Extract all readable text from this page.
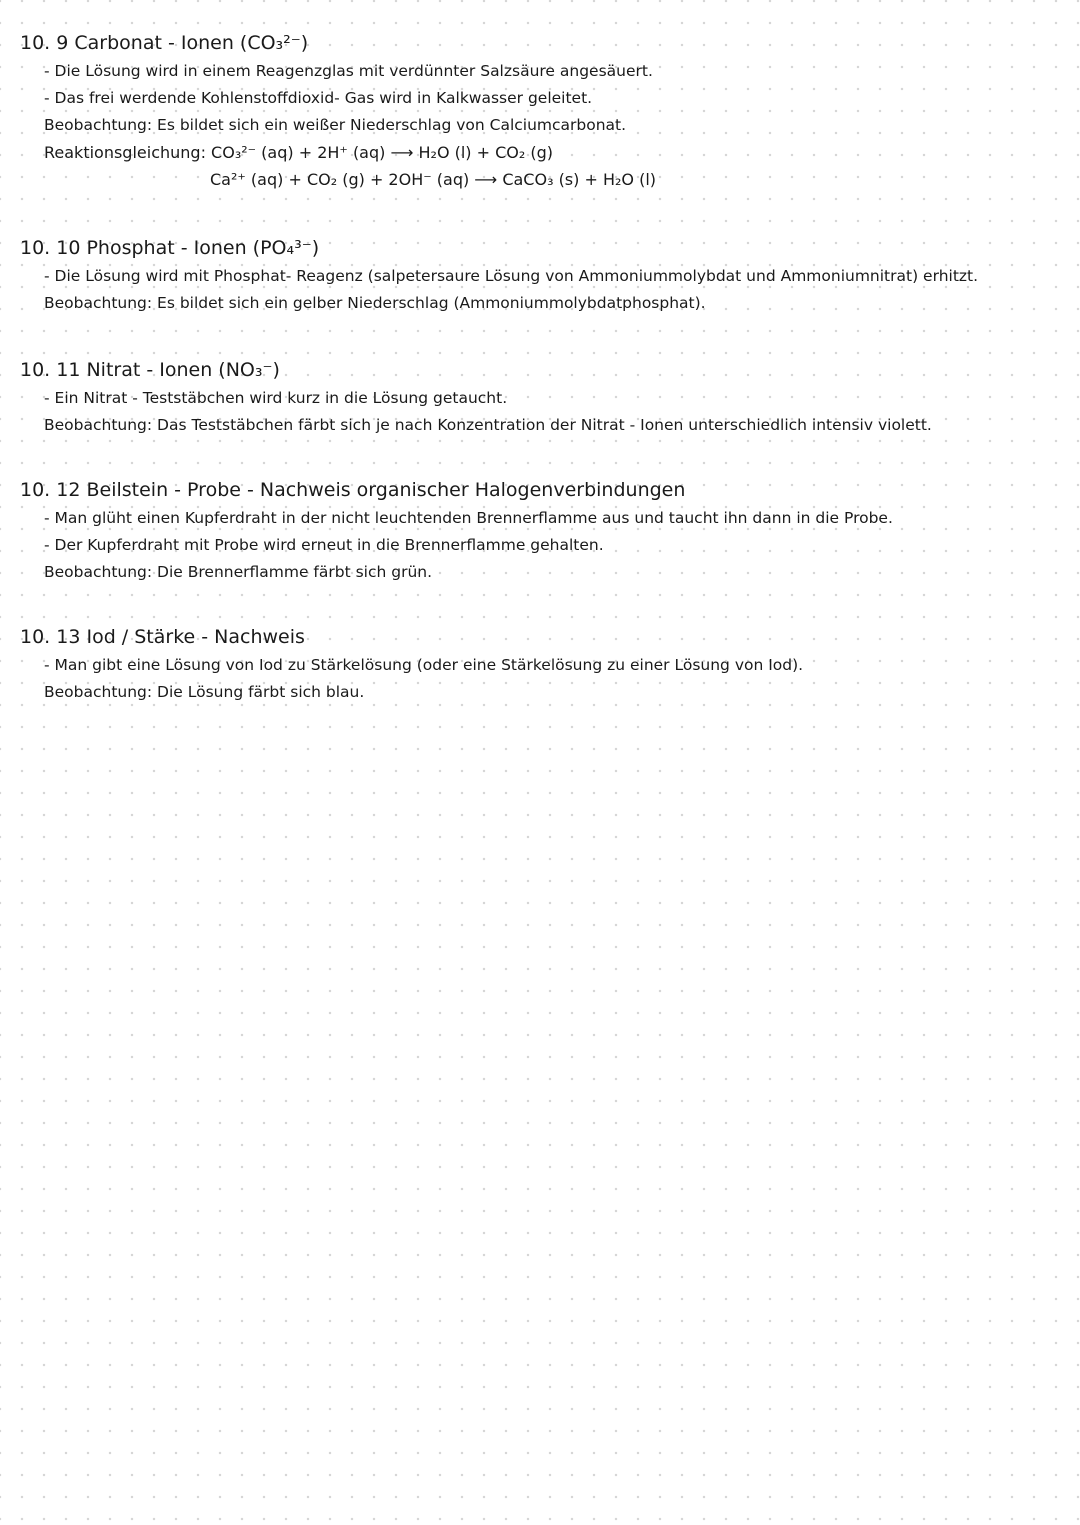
10. 9 Carbonat - Ionen (CO₃²⁻)
- Die Lösung wird in einem Reagenzglas mit verdünnter Salzsäure angesäuert.
- Das frei werdende Kohlenstoffdioxid- Gas wird in Kalkwasser geleitet.
Beobachtung: Es bildet sich ein weißer Niederschlag von Calciumcarbonat.
Reaktionsgleichung: CO₃²⁻ (aq) + 2H⁺ (aq) ⟶ H₂O (l) + CO₂ (g)
Ca²⁺ (aq) + CO₂ (g) + 2OH⁻ (aq) ⟶ CaCO₃ (s) + H₂O (l)
10. 10 Phosphat - Ionen (PO₄³⁻)
- Die Lösung wird mit Phosphat- Reagenz (salpetersaure Lösung von Ammoniummolybdat und Ammoniumnitrat) erhitzt.
Beobachtung: Es bildet sich ein gelber Niederschlag (Ammoniummolybdatphosphat).
10. 11 Nitrat - Ionen (NO₃⁻)
- Ein Nitrat - Teststäbchen wird kurz in die Lösung getaucht.
Beobachtung: Das Teststäbchen färbt sich je nach Konzentration der Nitrat - Ionen unterschiedlich intensiv violett.
10. 12 Beilstein - Probe - Nachweis organischer Halogenverbindungen
- Man glüht einen Kupferdraht in der nicht leuchtenden Brennerflamme aus und taucht ihn dann in die Probe.
- Der Kupferdraht mit Probe wird erneut in die Brennerflamme gehalten.
Beobachtung: Die Brennerflamme färbt sich grün.
10. 13 Iod / Stärke - Nachweis
- Man gibt eine Lösung von Iod zu Stärkelösung (oder eine Stärkelösung zu einer Lösung von Iod).
Beobachtung: Die Lösung färbt sich blau.
